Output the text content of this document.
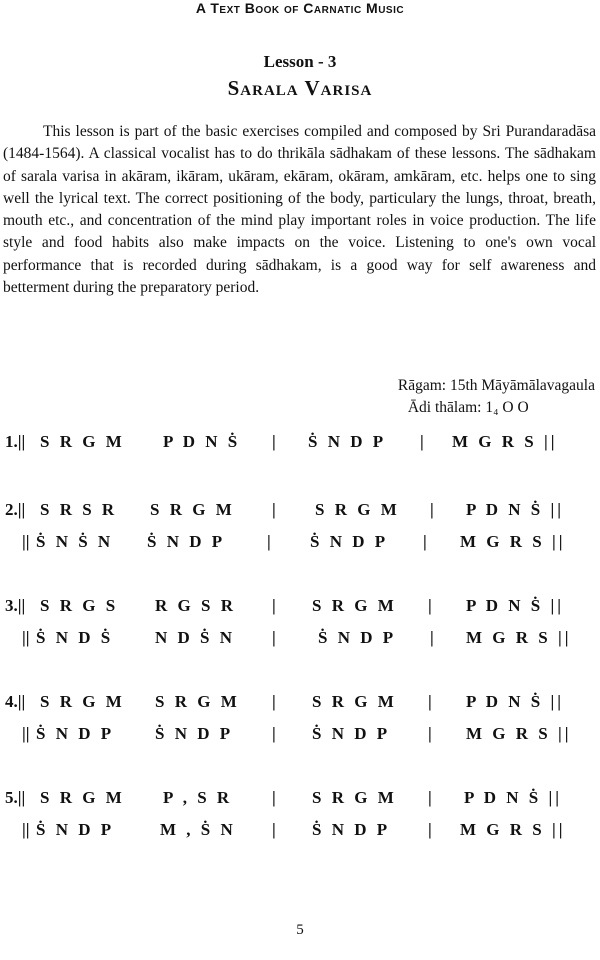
A Text Book of Carnatic Music
Lesson - 3
Sarala Varisa

This lesson is part of the basic exercises compiled and composed by Sri Purandaradāsa (1484-1564). A classical vocalist has to do thrikāla sādhakam of these lessons. The sādhakam of sarala varisa in akāram, ikāram, ukāram, ekāram, okāram, amkāram, etc. helps one to sing well the lyrical text. The correct positioning of the body, particulary the lungs, throat, breath, mouth etc., and concentration of the mind play important roles in voice production. The life style and food habits also make impacts on the voice. Listening to one's own vocal performance that is recorded during sādhakam, is a good way for self awareness and betterment during the preparatory period.

Rāgam: 15th Māyāmālavagaula
Ādi thālam: 1₄ O O
1.|| S R G M P D N Ṡ | Ṡ N D P | M G R S ||
2.|| S R S R S R G M | S R G M | P D N Ṡ ||
|| Ṡ N Ṡ N Ṡ N D P | Ṡ N D P | M G R S ||
3.|| S R G S R G S R | S R G M | P D N Ṡ ||
|| Ṡ N D Ṡ N D Ṡ N | Ṡ N D P | M G R S ||
4.|| S R G M S R G M | S R G M | P D N Ṡ ||
|| Ṡ N D P Ṡ N D P | Ṡ N D P | M G R S ||
5.|| S R G M P , S R | S R G M | P D N Ṡ ||
|| Ṡ N D P	M , Ṡ N | Ṡ N D P | M G R S ||
5
